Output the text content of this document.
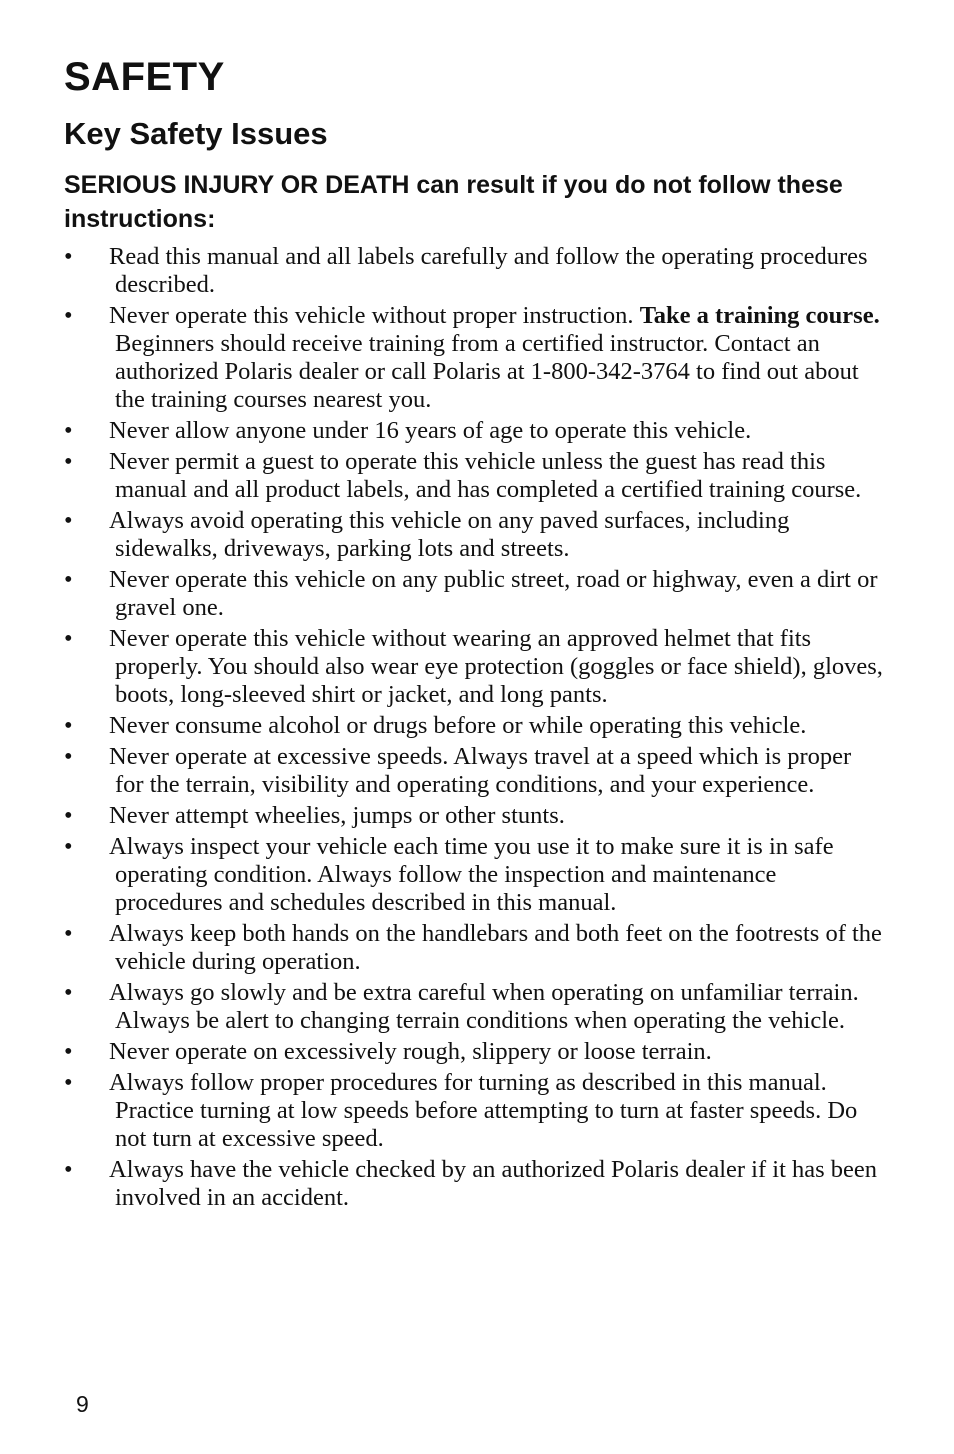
SAFETY
Key Safety Issues
SERIOUS INJURY OR DEATH can result if you do not follow these instructions:
•	Read this manual and all labels carefully and follow the operating procedures described.
•	Never operate this vehicle without proper instruction. Take a training course. Beginners should receive training from a certified instructor. Contact an authorized Polaris dealer or call Polaris at 1-800-342-3764 to find out about the training courses nearest you.
•	Never allow anyone under 16 years of age to operate this vehicle.
•	Never permit a guest to operate this vehicle unless the guest has read this manual and all product labels, and has completed a certified training course.
•	Always avoid operating this vehicle on any paved surfaces, including sidewalks, driveways, parking lots and streets.
•	Never operate this vehicle on any public street, road or highway, even a dirt or gravel one.
•	Never operate this vehicle without wearing an approved helmet that fits properly. You should also wear eye protection (goggles or face shield), gloves, boots, long-sleeved shirt or jacket, and long pants.
•	Never consume alcohol or drugs before or while operating this vehicle.
•	Never operate at excessive speeds. Always travel at a speed which is proper for the terrain, visibility and operating conditions, and your experience.
•	Never attempt wheelies, jumps or other stunts.
•	Always inspect your vehicle each time you use it to make sure it is in safe operating condition. Always follow the inspection and maintenance procedures and schedules described in this manual.
•	Always keep both hands on the handlebars and both feet on the footrests of the vehicle during operation.
•	Always go slowly and be extra careful when operating on unfamiliar terrain. Always be alert to changing terrain conditions when operating the vehicle.
•	Never operate on excessively rough, slippery or loose terrain.
•	Always follow proper procedures for turning as described in this manual. Practice turning at low speeds before attempting to turn at faster speeds. Do not turn at excessive speed.
•	Always have the vehicle checked by an authorized Polaris dealer if it has been involved in an accident.
9
